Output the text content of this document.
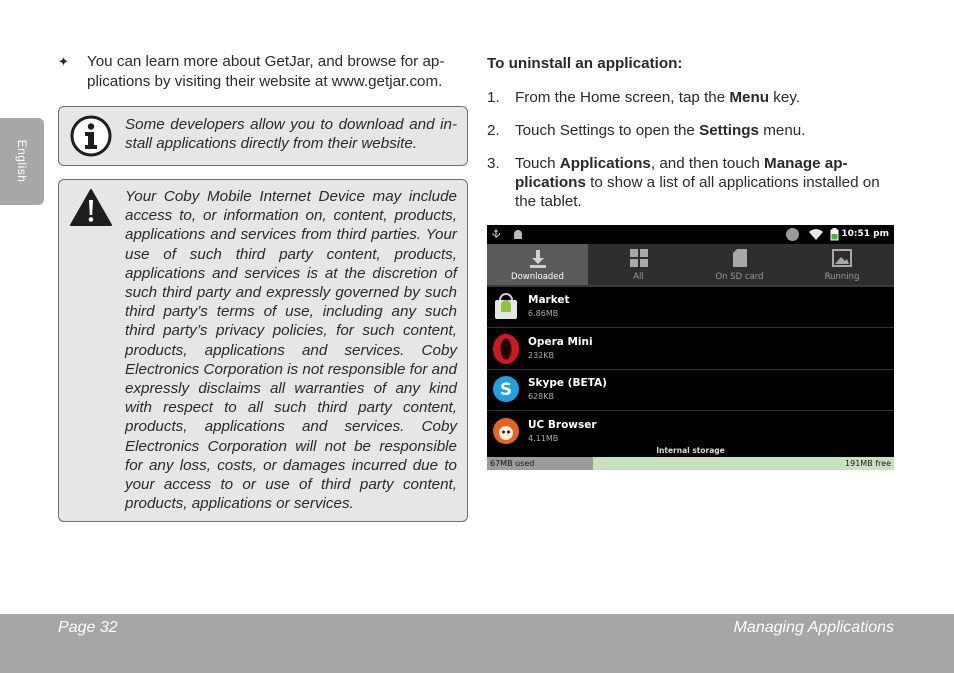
English

✦ You can learn more about GetJar, and browse for ap-plications by visiting their website at www.getjar.com.

Some developers allow you to download and in-stall applications directly from their website.
Your Coby Mobile Internet Device may include access to, or information on, content, products, applications and services from third parties. Your use of such third party content, products, applications and services is at the discretion of such third party and expressly governed by such third party’s terms of use, including any such third party’s privacy policies, for such content, products, applications and services. Coby Electronics Corporation is not responsible for and expressly disclaims all warranties of any kind with respect to all such third party content, products, applications and services. Coby Electronics Corporation will not be responsible for any loss, costs, or damages incurred due to your access to or use of third party content, products, applications or services.

To uninstall an application:

1. From the Home screen, tap the Menu key.
2. Touch Settings to open the Settings menu.
3. Touch Applications, and then touch Manage ap-plications to show a list of all applications installed on the tablet.
10:51 pm
Downloaded	All	On SD card	Running
Market
6.86MB
Opera Mini
232KB
S Skype (BETA)
628KB
UC Browser
4.11MB
Internal storage
67MB used	191MB free
Page 32	Managing Applications
